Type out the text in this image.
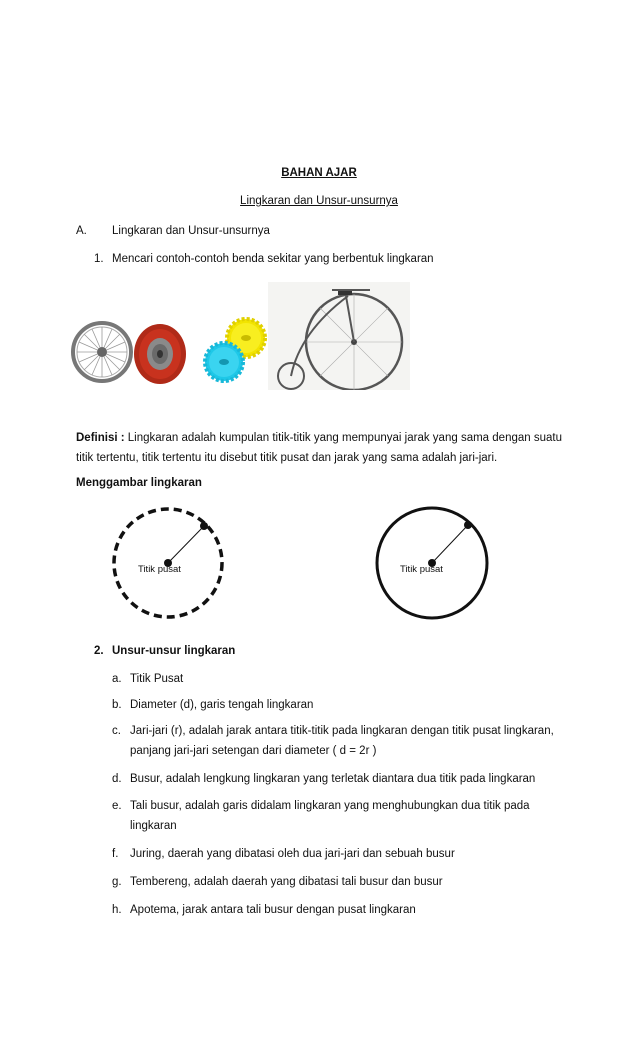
BAHAN AJAR
Lingkaran dan Unsur-unsurnya
A. Lingkaran dan Unsur-unsurnya
1. Mencari contoh-contoh benda sekitar yang berbentuk lingkaran
Definisi : Lingkaran adalah kumpulan titik-titik yang mempunyai jarak yang sama dengan suatu titik tertentu, titik tertentu itu disebut titik pusat dan jarak yang sama adalah jari-jari.
Menggambar lingkaran
Titik pusat	Titik pusat
2. Unsur-unsur lingkaran
a. Titik Pusat
b. Diameter (d), garis tengah lingkaran
c. Jari-jari (r), adalah jarak antara titik-titik pada lingkaran dengan titik pusat lingkaran,
panjang jari-jari setengan dari diameter ( d = 2r )
d. Busur, adalah lengkung lingkaran yang terletak diantara dua titik pada lingkaran
e. Tali busur, adalah garis didalam lingkaran yang menghubungkan dua titik pada
lingkaran
f. Juring, daerah yang dibatasi oleh dua jari-jari dan sebuah busur
g. Tembereng, adalah daerah yang dibatasi tali busur dan busur
h. Apotema, jarak antara tali busur dengan pusat lingkaran
